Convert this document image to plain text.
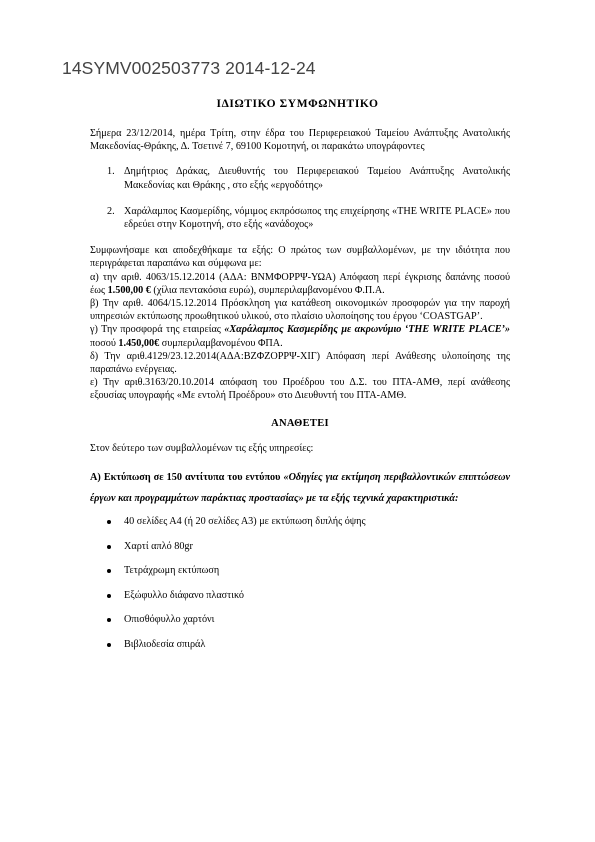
14SYMV002503773 2014-12-24
ΙΔΙΩΤΙΚΟ ΣΥΜΦΩΝΗΤΙΚΟ

Σήμερα 23/12/2014, ημέρα Τρίτη, στην έδρα του Περιφερειακού Ταμείου Ανάπτυξης Ανατολικής Μακεδονίας-Θράκης, Δ. Τσετινέ 7, 69100 Κομοτηνή, οι παρακάτω υπογράφοντες

1. Δημήτριος Δράκας, Διευθυντής του Περιφερειακού Ταμείου Ανάπτυξης Ανατολικής Μακεδονίας και Θράκης , στο εξής «εργοδότης»
2. Χαράλαμπος Κασμερίδης, νόμιμος εκπρόσωπος της επιχείρησης «THE WRITE PLACE» που εδρεύει στην Κομοτηνή, στο εξής «ανάδοχος»

Συμφωνήσαμε και αποδεχθήκαμε τα εξής: Ο πρώτος των συμβαλλομένων, με την ιδιότητα που περιγράφεται παραπάνω και σύμφωνα με:

α) την αριθ. 4063/15.12.2014 (ΑΔΑ: ΒΝΜΦΟΡΡΨ-ΥΩΑ) Απόφαση περί έγκρισης δαπάνης ποσού έως 1.500,00 € (χίλια πεντακόσια ευρώ), συμπεριλαμβανομένου Φ.Π.Α.

β) Την αριθ. 4064/15.12.2014 Πρόσκληση για κατάθεση οικονομικών προσφορών για την παροχή υπηρεσιών εκτύπωσης προωθητικού υλικού, στο πλαίσιο υλοποίησης του έργου ‘COASTGAP’.

γ) Την προσφορά της εταιρείας «Χαράλαμπος Κασμερίδης με ακρωνύμιο ‘THE WRITE PLACE’» ποσού 1.450,00€ συμπεριλαμβανομένου ΦΠΑ.

δ) Την αριθ.4129/23.12.2014(ΑΔΑ:ΒΖΦΖΟΡΡΨ-ΧΙΓ) Απόφαση περί Ανάθεσης υλοποίησης της παραπάνω ενέργειας.

ε) Την αριθ.3163/20.10.2014 απόφαση του Προέδρου του Δ.Σ. του ΠΤΑ-ΑΜΘ, περί ανάθεσης εξουσίας υπογραφής «Με εντολή Προέδρου» στο Διευθυντή του ΠΤΑ-ΑΜΘ.

ΑΝΑΘΕΤΕΙ

Στον δεύτερο των συμβαλλομένων τις εξής υπηρεσίες:

Α) Εκτύπωση σε 150 αντίτυπα του εντύπου «Οδηγίες για εκτίμηση περιβαλλοντικών επιπτώσεων έργων και προγραμμάτων παράκτιας προστασίας» με τα εξής τεχνικά χαρακτηριστικά:

40 σελίδες Α4 (ή 20 σελίδες Α3) με εκτύπωση διπλής όψης
Χαρτί απλό 80gr
Τετράχρωμη εκτύπωση
Εξώφυλλο διάφανο πλαστικό
Οπισθόφυλλο χαρτόνι
Βιβλιοδεσία σπιράλ
